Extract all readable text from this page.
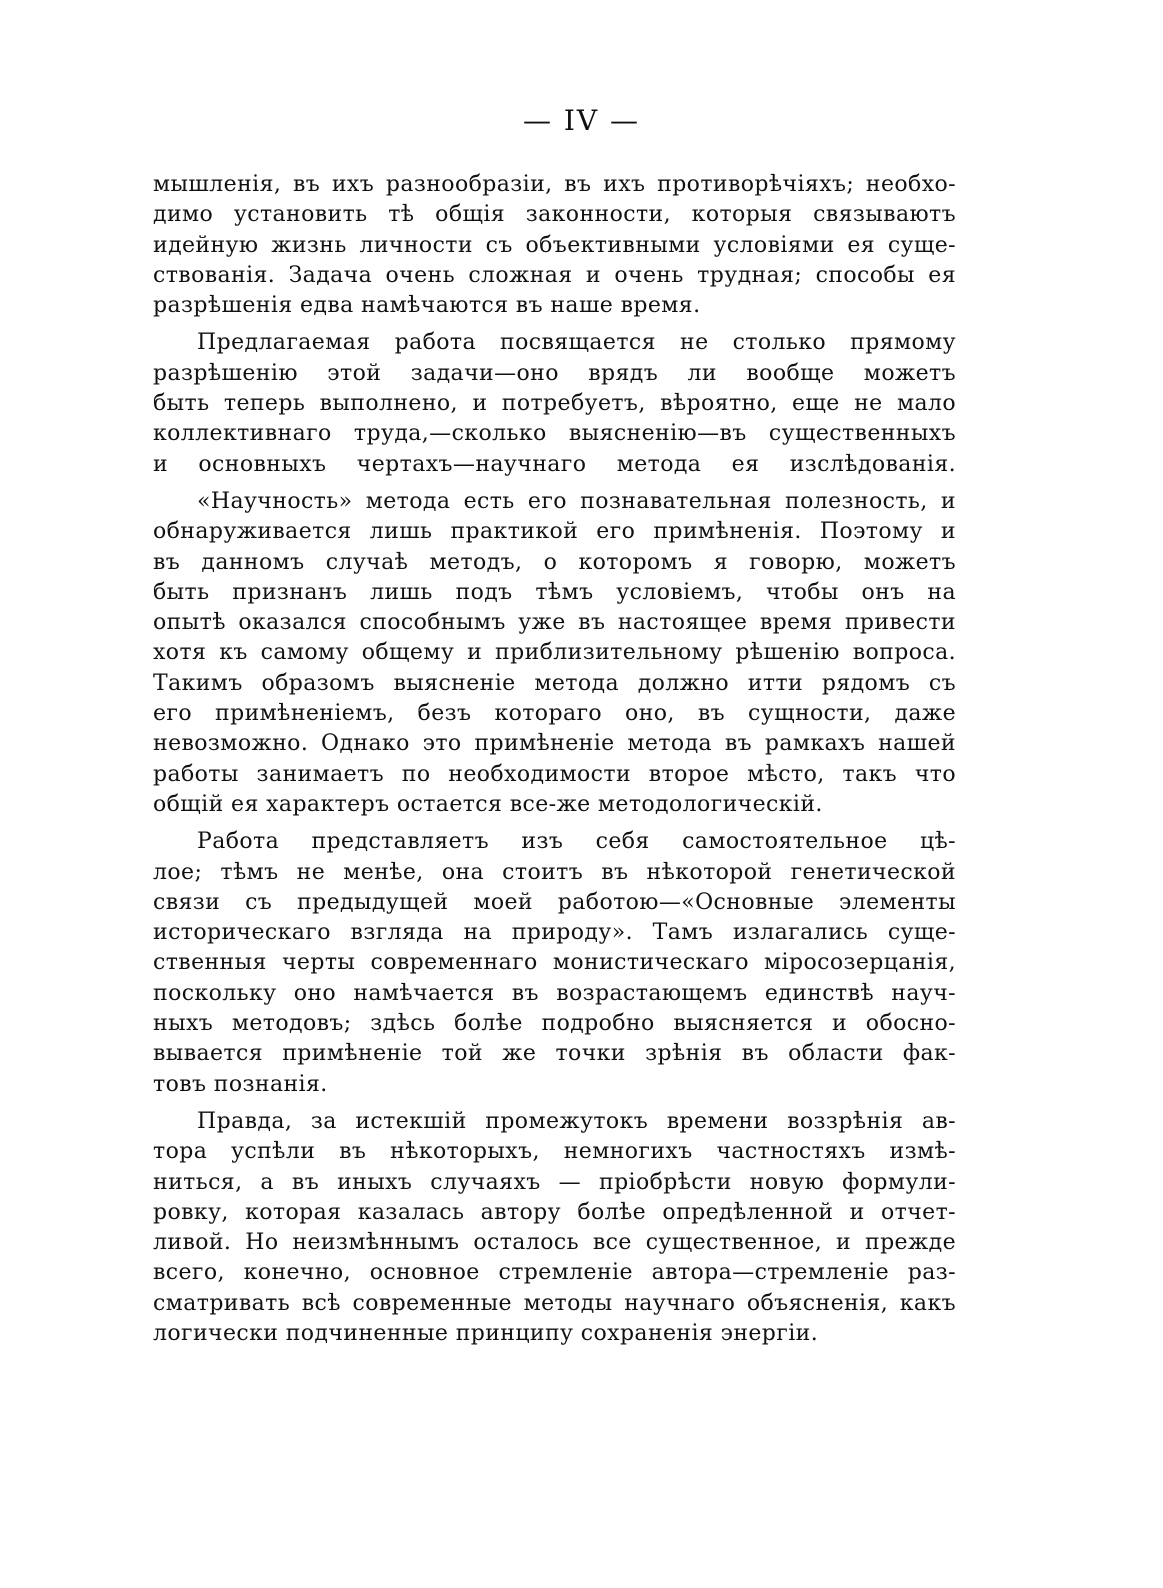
— IV —
мышленія, въ ихъ разнообразіи, въ ихъ противорѣчіяхъ; необхо-
димо установить тѣ общія законности, которыя связываютъ
идейную жизнь личности съ объективными условіями ея суще-
ствованія. Задача очень сложная и очень трудная; способы ея
разрѣшенія едва намѣчаются въ наше время.
Предлагаемая работа посвящается не столько прямому
разрѣшенію этой задачи—оно врядъ ли вообще можетъ
быть теперь выполнено, и потребуетъ, вѣроятно, еще не мало
коллективнаго труда,—сколько выясненію—въ существенныхъ
и основныхъ чертахъ—научнаго метода ея изслѣдованія.
«Научность» метода есть его познавательная полезность, и
обнаруживается лишь практикой его примѣненія. Поэтому и
въ данномъ случаѣ методъ, о которомъ я говорю, можетъ
быть признанъ лишь подъ тѣмъ условіемъ, чтобы онъ на
опытѣ оказался способнымъ уже въ настоящее время привести
хотя къ самому общему и приблизительному рѣшенію вопроса.
Такимъ образомъ выясненіе метода должно итти рядомъ съ
его примѣненіемъ, безъ котораго оно, въ сущности, даже
невозможно. Однако это примѣненіе метода въ рамкахъ нашей
работы занимаетъ по необходимости второе мѣсто, такъ что
общій ея характеръ остается все-же методологическій.
Работа представляетъ изъ себя самостоятельное цѣ-
лое; тѣмъ не менѣе, она стоитъ въ нѣкоторой генетической
связи съ предыдущей моей работою—«Основные элементы
историческаго взгляда на природу». Тамъ излагались суще-
ственныя черты современнаго монистическаго міросозерцанія,
поскольку оно намѣчается въ возрастающемъ единствѣ науч-
ныхъ методовъ; здѣсь болѣе подробно выясняется и обосно-
вывается примѣненіе той же точки зрѣнія въ области фак-
товъ познанія.
Правда, за истекшій промежутокъ времени воззрѣнія ав-
тора успѣли въ нѣкоторыхъ, немногихъ частностяхъ измѣ-
ниться, а въ иныхъ случаяхъ — пріобрѣсти новую формули-
ровку, которая казалась автору болѣе опредѣленной и отчет-
ливой. Но неизмѣннымъ осталось все существенное, и прежде
всего, конечно, основное стремленіе автора—стремленіе раз-
сматривать всѣ современные методы научнаго объясненія, какъ
логически подчиненные принципу сохраненія энергіи.
